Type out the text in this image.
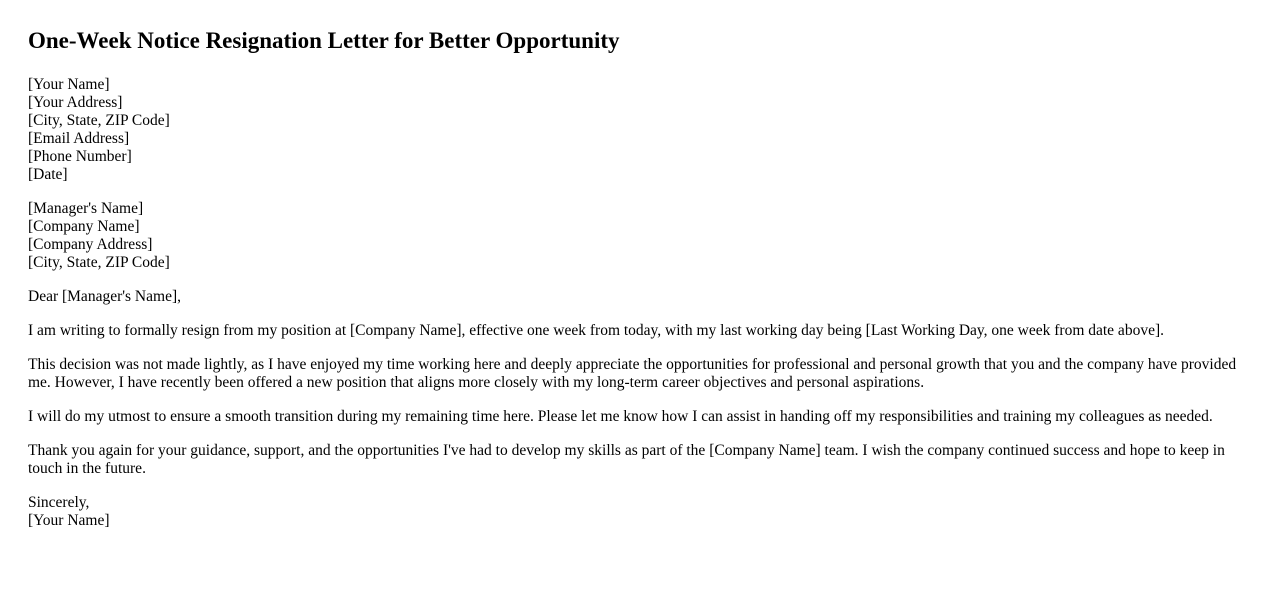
One-Week Notice Resignation Letter for Better Opportunity
[Your Name]
[Your Address]
[City, State, ZIP Code]
[Email Address]
[Phone Number]
[Date]
[Manager's Name]
[Company Name]
[Company Address]
[City, State, ZIP Code]

Dear [Manager's Name],

I am writing to formally resign from my position at [Company Name], effective one week from today, with my last working day being [Last Working Day, one week from date above].

This decision was not made lightly, as I have enjoyed my time working here and deeply appreciate the opportunities for professional and personal growth that you and the company have provided me. However, I have recently been offered a new position that aligns more closely with my long-term career objectives and personal aspirations.

I will do my utmost to ensure a smooth transition during my remaining time here. Please let me know how I can assist in handing off my responsibilities and training my colleagues as needed.

Thank you again for your guidance, support, and the opportunities I've had to develop my skills as part of the [Company Name] team. I wish the company continued success and hope to keep in touch in the future.

Sincerely,
[Your Name]
